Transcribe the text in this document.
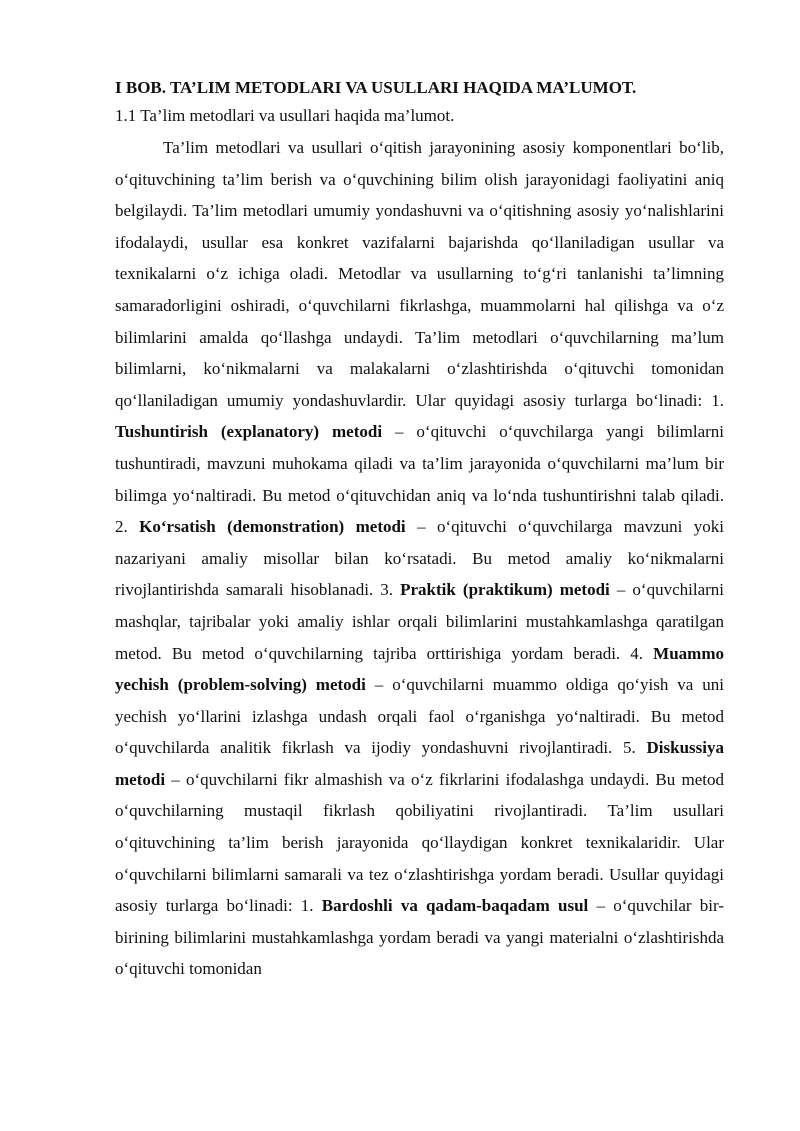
I BOB. TA’LIM METODLARI VA USULLARI HAQIDA MA’LUMOT.

1.1 Ta’lim metodlari va usullari haqida ma’lumot.

Ta’lim metodlari va usullari o‘qitish jarayonining asosiy komponentlari bo‘lib, o‘qituvchining ta’lim berish va o‘quvchining bilim olish jarayonidagi faoliyatini aniq belgilaydi. Ta’lim metodlari umumiy yondashuvni va o‘qitishning asosiy yo‘nalishlarini ifodalaydi, usullar esa konkret vazifalarni bajarishda qo‘llaniladigan usullar va texnikalarni o‘z ichiga oladi. Metodlar va usullarning to‘g‘ri tanlanishi ta’limning samaradorligini oshiradi, o‘quvchilarni fikrlashga, muammolarni hal qilishga va o‘z bilimlarini amalda qo‘llashga undaydi. Ta’lim metodlari o‘quvchilarning ma’lum bilimlarni, ko‘nikmalarni va malakalarni o‘zlashtirishda o‘qituvchi tomonidan qo‘llaniladigan umumiy yondashuvlardir. Ular quyidagi asosiy turlarga bo‘linadi: 1. Tushuntirish (explanatory) metodi – o‘qituvchi o‘quvchilarga yangi bilimlarni tushuntiradi, mavzuni muhokama qiladi va ta’lim jarayonida o‘quvchilarni ma’lum bir bilimga yo‘naltiradi. Bu metod o‘qituvchidan aniq va lo‘nda tushuntirishni talab qiladi. 2. Ko‘rsatish (demonstration) metodi – o‘qituvchi o‘quvchilarga mavzuni yoki nazariyani amaliy misollar bilan ko‘rsatadi. Bu metod amaliy ko‘nikmalarni rivojlantirishda samarali hisoblanadi. 3. Praktik (praktikum) metodi – o‘quvchilarni mashqlar, tajribalar yoki amaliy ishlar orqali bilimlarini mustahkamlashga qaratilgan metod. Bu metod o‘quvchilarning tajriba orttirishiga yordam beradi. 4. Muammo yechish (problem-solving) metodi – o‘quvchilarni muammo oldiga qo‘yish va uni yechish yo‘llarini izlashga undash orqali faol o‘rganishga yo‘naltiradi. Bu metod o‘quvchilarda analitik fikrlash va ijodiy yondashuvni rivojlantiradi. 5. Diskussiya metodi – o‘quvchilarni fikr almashish va o‘z fikrlarini ifodalashga undaydi. Bu metod o‘quvchilarning mustaqil fikrlash qobiliyatini rivojlantiradi. Ta’lim usullari o‘qituvchining ta’lim berish jarayonida qo‘llaydigan konkret texnikalaridir. Ular o‘quvchilarni bilimlarni samarali va tez o‘zlashtirishga yordam beradi. Usullar quyidagi asosiy turlarga bo‘linadi: 1. Bardoshli va qadam-baqadam usul – o‘quvchilar bir-birining bilimlarini mustahkamlashga yordam beradi va yangi materialni o‘zlashtirishda o‘qituvchi tomonidan
